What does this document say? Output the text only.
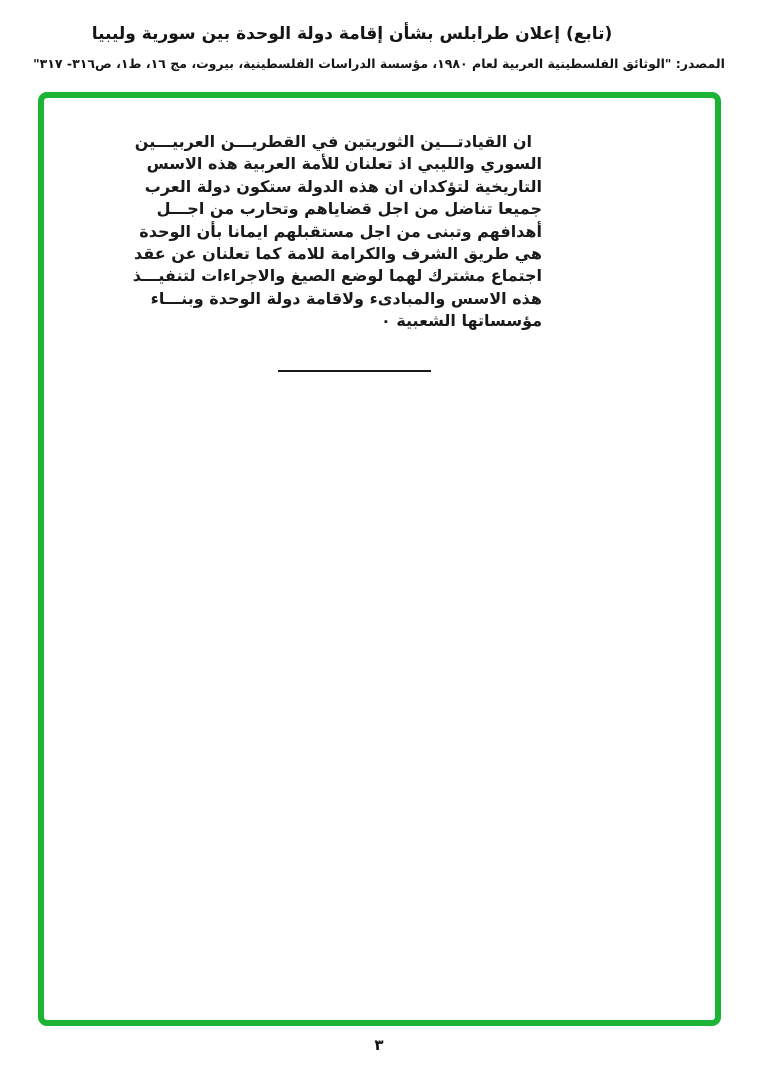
(تابع) إعلان طرابلس بشأن إقامة دولة الوحدة بين سورية وليبيا
المصدر: "الوثائق الفلسطينية العربية لعام ١٩٨٠، مؤسسة الدراسات الفلسطينية، بيروت، مج ١٦، ط١، ص٣١٦- ٣١٧"
ان القيادتـــين الثوريتين في القطريـــن العربيـــين
السوري والليبي اذ تعلنان للأمة العربية هذه الاسس
التاريخية لتؤكدان ان هذه الدولة ستكون دولة العرب
جميعا تناضل من اجل قضاياهم وتحارب من اجـــل
أهدافهم وتبنى من اجل مستقبلهم ايمانا بأن الوحدة
هي طريق الشرف والكرامة للامة كما تعلنان عن عقد
اجتماع مشترك لهما لوضع الصيغ والاجراءات لتنفيـــذ
هذه الاسس والمبادىء ولاقامة دولة الوحدة وبنـــاء
مؤسساتها الشعبية ٠
٣
